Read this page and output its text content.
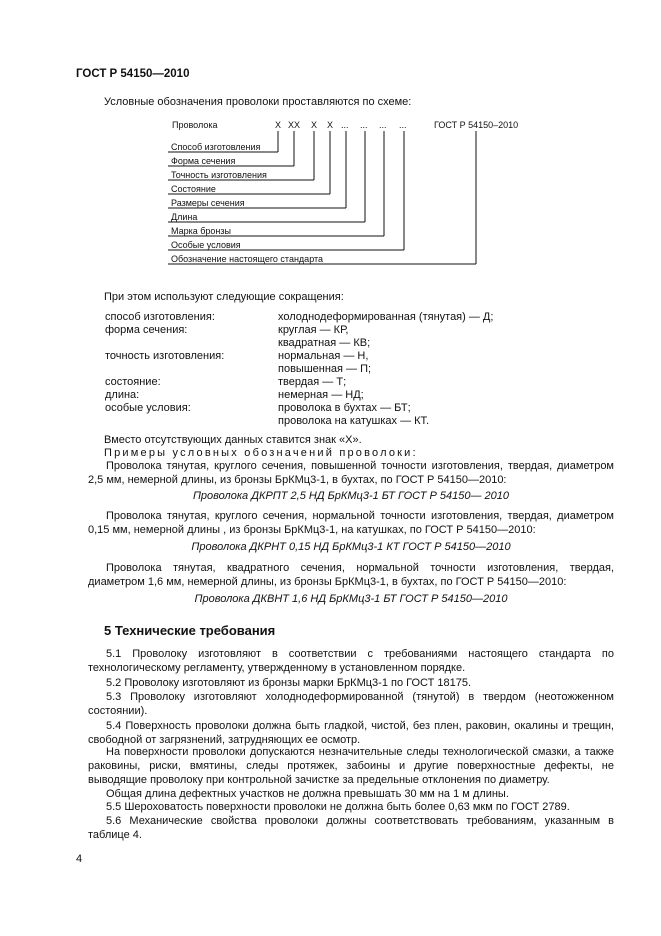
ГОСТ Р 54150—2010
Условные обозначения проволоки проставляются по схеме:
Проволока	Х ХХ Х Х ... ... ... ...	ГОСТ Р 54150–2010
Способ изготовления
Форма сечения
Точность изготовления
Состояние
Размеры сечения
Длина
Марка бронзы
Особые условия
Обозначение настоящего стандарта
При этом используют следующие сокращения:
способ изготовления:	холоднодеформированная (тянутая) — Д;
форма сечения:	круглая — КР,
квадратная — КВ;
точность изготовления:	нормальная — Н,
повышенная — П;
состояние:	твердая — Т;
длина:	немерная — НД;
особые условия:	проволока в бухтах — БТ;
проволока на катушках — КТ.
Вместо отсутствующих данных ставится знак «Х».
Примеры условных обозначений проволоки:
Проволока тянутая, круглого сечения, повышенной точности изготовления, твердая, диаметром 2,5 мм, немерной длины, из бронзы БрКМц3-1, в бухтах, по ГОСТ Р 54150—2010:
Проволока ДКРПТ 2,5 НД БрКМц3-1 БТ ГОСТ Р 54150— 2010
Проволока тянутая, круглого сечения, нормальной точности изготовления, твердая, диаметром 0,15 мм, немерной длины , из бронзы БрКМц3-1, на катушках, по ГОСТ Р 54150—2010:
Проволока ДКРНТ 0,15 НД БрКМц3-1 КТ ГОСТ Р 54150—2010
Проволока тянутая, квадратного сечения, нормальной точности изготовления, твердая, диаметром 1,6 мм, немерной длины, из бронзы БрКМц3-1, в бухтах, по ГОСТ Р 54150—2010:
Проволока ДКВНТ 1,6 НД БрКМц3-1 БТ ГОСТ Р 54150—2010
5 Технические требования
5.1 Проволоку изготовляют в соответствии с требованиями настоящего стандарта по технологическому регламенту, утвержденному в установленном порядке.
5.2 Проволоку изготовляют из бронзы марки БрКМц3-1 по ГОСТ 18175.
5.3 Проволоку изготовляют холоднодеформированной (тянутой) в твердом (неотожженном состоянии).
5.4 Поверхность проволоки должна быть гладкой, чистой, без плен, раковин, окалины и трещин, свободной от загрязнений, затрудняющих ее осмотр.
На поверхности проволоки допускаются незначительные следы технологической смазки, а также раковины, риски, вмятины, следы протяжек, забоины и другие поверхностные дефекты, не выводящие проволоку при контрольной зачистке за предельные отклонения по диаметру.
Общая длина дефектных участков не должна превышать 30 мм на 1 м длины.
5.5 Шероховатость поверхности проволоки не должна быть более 0,63 мкм по ГОСТ 2789.
5.6 Механические свойства проволоки должны соответствовать требованиям, указанным в таблице 4.
4
